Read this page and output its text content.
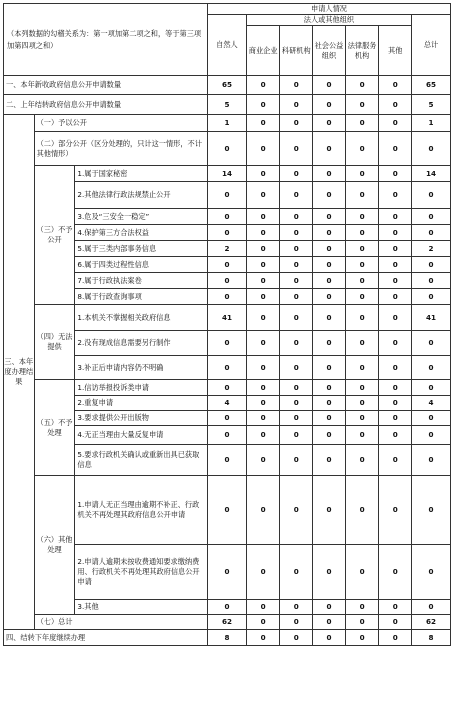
（本列数据的勾稽关系为：第一项加第二项之和，等于第三项加第四项之和）			申请人情况						
			自然人	法人或其他组织					总计
				商业企业	科研机构	社会公益组织	法律服务机构	其他	
一、本年新收政府信息公开申请数量			65	0	0	0	0	0	65
二、上年结转政府信息公开申请数量			5	0	0	0	0	0	5
三、本年度办理结果	（一）予以公开		1	0	0	0	0	0	1
	（二）部分公开（区分处理的，只计这一情形，不计其他情形）		0	0	0	0	0	0	0
	（三）不予公开	1.属于国家秘密	14	0	0	0	0	0	14
		2.其他法律行政法规禁止公开	0	0	0	0	0	0	0
		3.危及“三安全一稳定”	0	0	0	0	0	0	0
		4.保护第三方合法权益	0	0	0	0	0	0	0
		5.属于三类内部事务信息	2	0	0	0	0	0	2
		6.属于四类过程性信息	0	0	0	0	0	0	0
		7.属于行政执法案卷	0	0	0	0	0	0	0
		8.属于行政查询事项	0	0	0	0	0	0	0
	（四）无法提供	1.本机关不掌握相关政府信息	41	0	0	0	0	0	41
		2.没有现成信息需要另行制作	0	0	0	0	0	0	0
		3.补正后申请内容仍不明确	0	0	0	0	0	0	0
	（五）不予处理	1.信访举报投诉类申请	0	0	0	0	0	0	0
		2.重复申请	4	0	0	0	0	0	4
		3.要求提供公开出版物	0	0	0	0	0	0	0
		4.无正当理由大量反复申请	0	0	0	0	0	0	0
		5.要求行政机关确认或重新出具已获取信息	0	0	0	0	0	0	0
	（六）其他处理	1.申请人无正当理由逾期不补正、行政机关不再处理其政府信息公开申请	0	0	0	0	0	0	0
		2.申请人逾期未按收费通知要求缴纳费用、行政机关不再处理其政府信息公开申请	0	0	0	0	0	0	0
		3.其他	0	0	0	0	0	0	0
	（七）总计		62	0	0	0	0	0	62
四、结转下年度继续办理			8	0	0	0	0	0	8
